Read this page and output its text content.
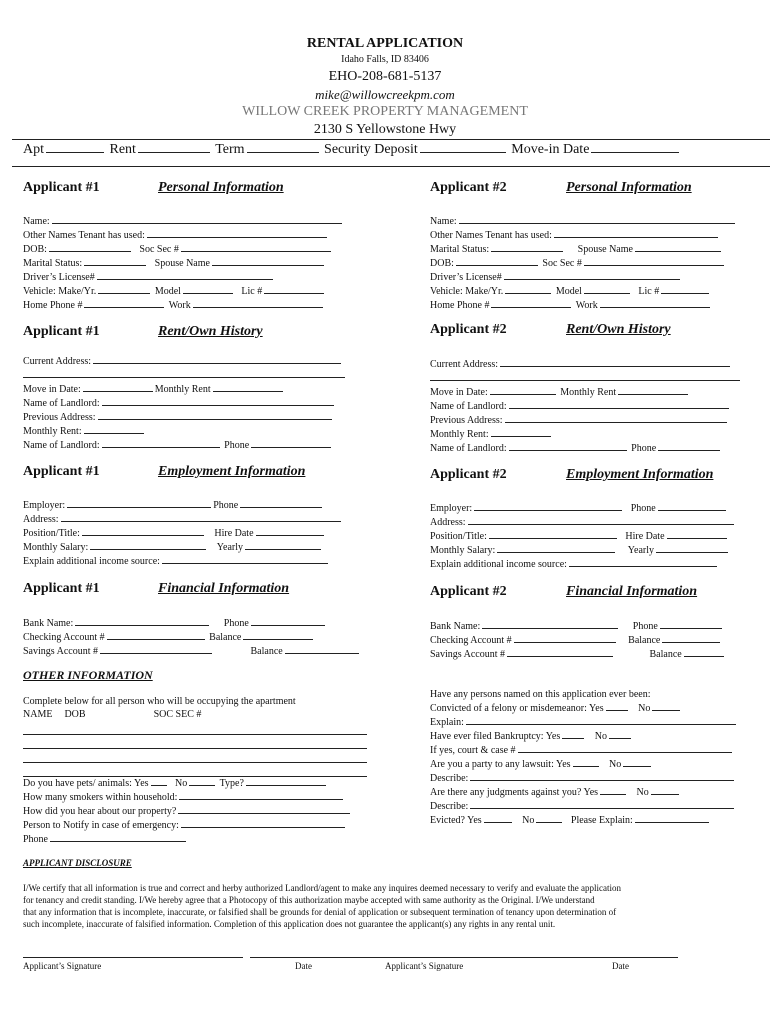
RENTAL APPLICATION
Idaho Falls, ID 83406
EHO-208-681-5137
mike@willowcreekpm.com
WILLOW CREEK PROPERTY MANAGEMENT
2130 S Yellowstone Hwy
Apt	Rent	Term	Security Deposit	Move-in Date
Applicant #1	Personal Information	Applicant #2	Personal Information
Name:
Other Names Tenant has used:
DOB:	Soc Sec #
Marital Status:	Spouse Name
Driver’s License#
Vehicle: Make/Yr.	Model	Lic #
Home Phone #	Work
Name:
Other Names Tenant has used:
Marital Status:	Spouse Name
DOB:	Soc Sec #
Driver’s License#
Vehicle: Make/Yr.	Model	Lic #
Home Phone #	Work
Applicant #1	Rent/Own History	Applicant #2	Rent/Own History
Current Address:
Move in Date:	Monthly Rent
Name of Landlord:
Previous Address:
Monthly Rent:
Name of Landlord:	Phone
Current Address:
Move in Date:	Monthly Rent
Name of Landlord:
Previous Address:
Monthly Rent:
Name of Landlord:	Phone
Applicant #1	Employment Information	Applicant #2	Employment Information
Employer:	Phone
Address:
Position/Title:	Hire Date
Monthly Salary:	Yearly
Explain additional income source:
Employer:	Phone
Address:
Position/Title:	Hire Date
Monthly Salary:	Yearly
Explain additional income source:
Applicant #1	Financial Information	Applicant #2	Financial Information
Bank Name:	Phone
Checking Account #	Balance
Savings Account #	Balance
Bank Name:	Phone
Checking Account #	Balance
Savings Account #	Balance
OTHER INFORMATION
Complete below for all person who will be occupying the apartment
NAME DOB	SOC SEC #
Do you have pets/ animals: Yes	No	Type?
How many smokers within household:
How did you hear about our property?
Person to Notify in case of emergency:
Phone
Have any persons named on this application ever been:
Convicted of a felony or misdemeanor: Yes	No
Explain:
Have ever filed Bankruptcy: Yes	No
If yes, court & case #
Are you a party to any lawsuit: Yes	No
Describe:
Are there any judgments against you? Yes	No
Describe:
Evicted? Yes	No	Please Explain:
APPLICANT DISCLOSURE
I/We certify that all information is true and correct and herby authorized Landlord/agent to make any inquires deemed necessary to verify and evaluate the application
for tenancy and credit standing. I/We hereby agree that a Photocopy of this authorization maybe accepted with same authority as the Original. I/We understand
that any information that is incomplete, inaccurate, or falsified shall be grounds for denial of application or subsequent termination of tenancy upon determination of
such incomplete, inaccurate of falsified information. Completion of this application does not guarantee the applicant(s) any rights in any rental unit.
Applicant’s Signature	Date	Applicant’s Signature	Date
